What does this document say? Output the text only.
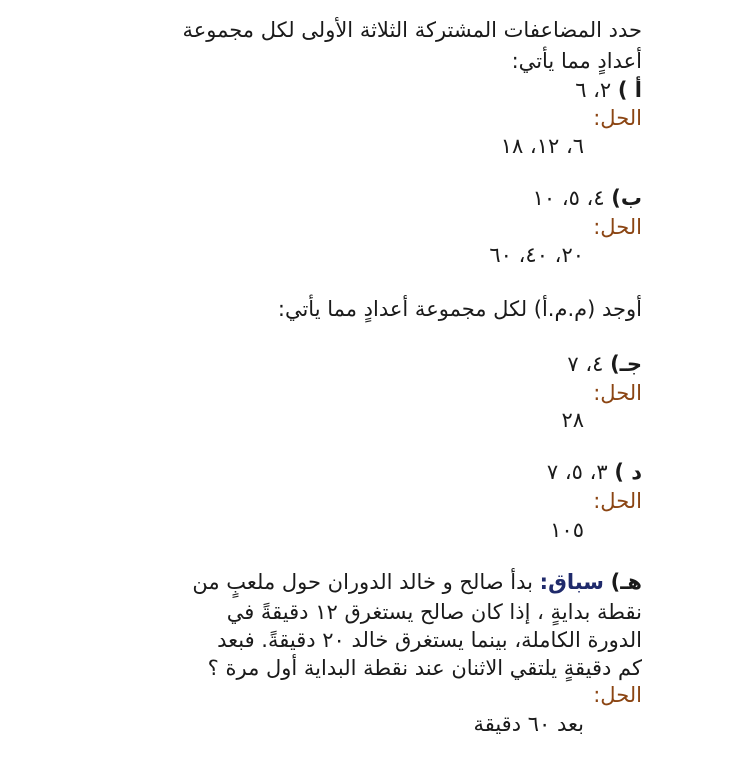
حدد المضاعفات المشتركة الثلاثة الأولى لكل مجموعة
أعدادٍ مما يأتي:
أ ) ٢، ٦
الحل:
٦، ١٢، ١٨
ب) ٤، ٥، ١٠
الحل:
٢٠، ٤٠، ٦٠
أوجد (م.م.أ) لكل مجموعة أعدادٍ مما يأتي:
جـ) ٤، ٧
الحل:
٢٨
د ) ٣، ٥، ٧
الحل:
١٠٥
هـ) سباق: بدأ صالح و خالد الدوران حول ملعبٍ من
نقطة بدايةٍ ، إذا كان صالح يستغرق ١٢ دقيقةً في
الدورة الكاملة، بينما يستغرق خالد ٢٠ دقيقةً. فبعد
كم دقيقةٍ يلتقي الاثنان عند نقطة البداية أول مرة ؟
الحل:
بعد ٦٠ دقيقة
